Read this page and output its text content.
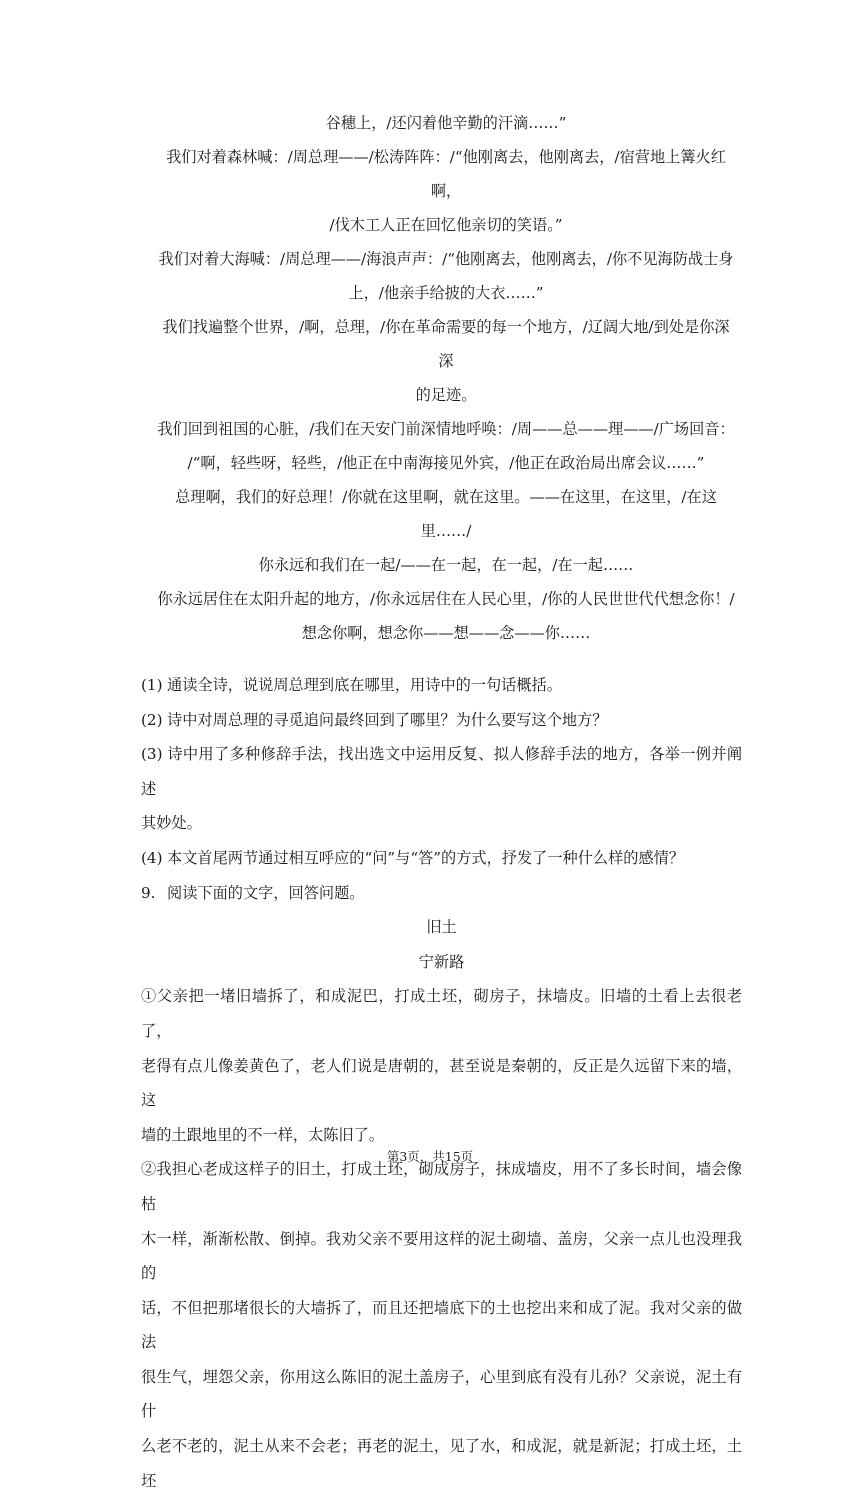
谷穗上，/还闪着他辛勤的汗滴……”

我们对着森林喊：/周总理——/松涛阵阵：/“他刚离去，他刚离去，/宿营地上篝火红啊，

/伐木工人正在回忆他亲切的笑语。”

我们对着大海喊：/周总理——/海浪声声：/“他刚离去，他刚离去，/你不见海防战士身

上，/他亲手给披的大衣……”

我们找遍整个世界，/啊，总理，/你在革命需要的每一个地方，/辽阔大地/到处是你深深

的足迹。

我们回到祖国的心脏，/我们在天安门前深情地呼唤：/周——总——理——/广场回音：

/“啊，轻些呀，轻些，/他正在中南海接见外宾，/他正在政治局出席会议……”

总理啊，我们的好总理！/你就在这里啊，就在这里。——在这里，在这里，/在这里……/

你永远和我们在一起/——在一起，在一起，/在一起……

你永远居住在太阳升起的地方，/你永远居住在人民心里，/你的人民世世代代想念你！/

想念你啊，想念你——想——念——你……

(1) 通读全诗，说说周总理到底在哪里，用诗中的一句话概括。

(2) 诗中对周总理的寻觅追问最终回到了哪里？为什么要写这个地方？

(3) 诗中用了多种修辞手法，找出选文中运用反复、拟人修辞手法的地方，各举一例并阐述

其妙处。

(4) 本文首尾两节通过相互呼应的“问”与“答”的方式，抒发了一种什么样的感情？

9. 阅读下面的文字，回答问题。

旧土

宁新路

①父亲把一堵旧墙拆了，和成泥巴，打成土坯，砌房子，抹墙皮。旧墙的土看上去很老了，

老得有点儿像姜黄色了，老人们说是唐朝的，甚至说是秦朝的，反正是久远留下来的墙，这

墙的土跟地里的不一样，太陈旧了。

②我担心老成这样子的旧土，打成土坯，砌成房子，抹成墙皮，用不了多长时间，墙会像枯

木一样，渐渐松散、倒掉。我劝父亲不要用这样的泥土砌墙、盖房，父亲一点儿也没理我的

话，不但把那堵很长的大墙拆了，而且还把墙底下的土也挖出来和成了泥。我对父亲的做法

很生气，埋怨父亲，你用这么陈旧的泥土盖房子，心里到底有没有儿孙？父亲说，泥土有什

么老不老的，泥土从来不会老；再老的泥土，见了水，和成泥，就是新泥；打成土坯，土坯

第3页，共15页
